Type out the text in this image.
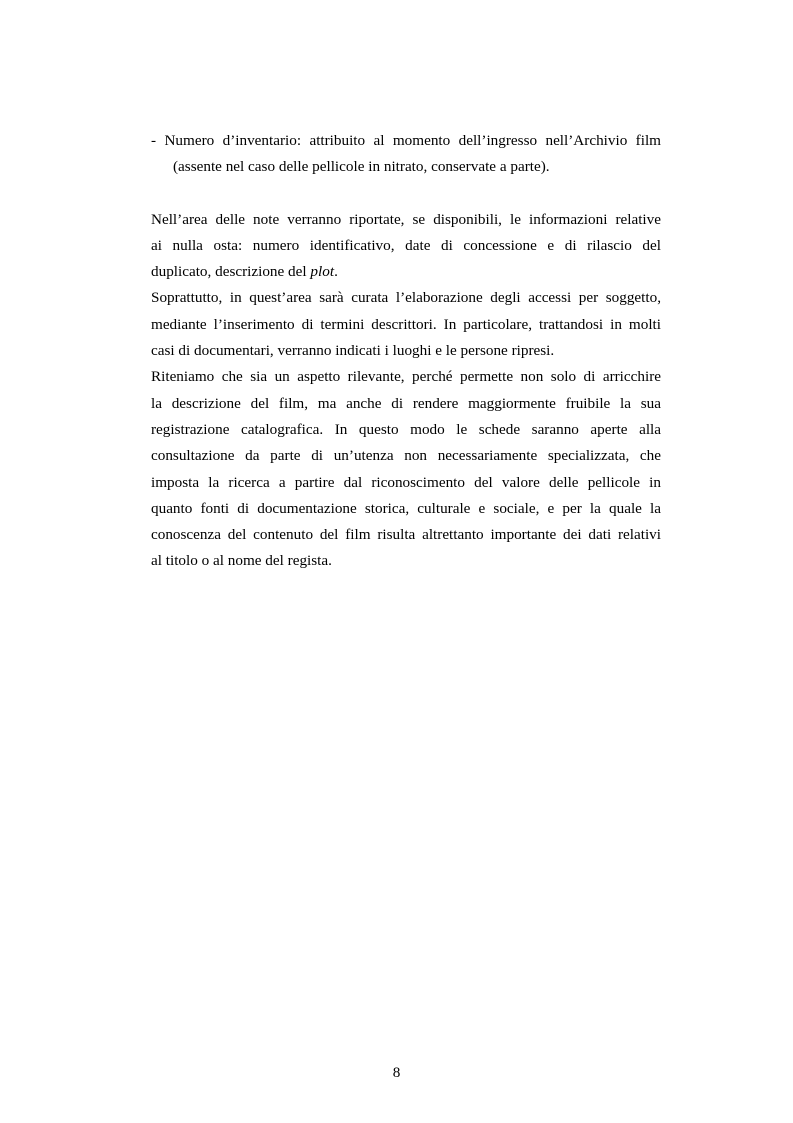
- Numero d’inventario: attribuito al momento dell’ingresso nell’Archivio film
(assente nel caso delle pellicole in nitrato, conservate a parte).
Nell’area delle note verranno riportate, se disponibili, le informazioni relative
ai nulla osta: numero identificativo, date di concessione e di rilascio del
duplicato, descrizione del plot.
Soprattutto, in quest’area sarà curata l’elaborazione degli accessi per soggetto,
mediante l’inserimento di termini descrittori. In particolare, trattandosi in molti
casi di documentari, verranno indicati i luoghi e le persone ripresi.
Riteniamo che sia un aspetto rilevante, perché permette non solo di arricchire
la descrizione del film, ma anche di rendere maggiormente fruibile la sua
registrazione catalografica. In questo modo le schede saranno aperte alla
consultazione da parte di un’utenza non necessariamente specializzata, che
imposta la ricerca a partire dal riconoscimento del valore delle pellicole in
quanto fonti di documentazione storica, culturale e sociale, e per la quale la
conoscenza del contenuto del film risulta altrettanto importante dei dati relativi
al titolo o al nome del regista.
8
